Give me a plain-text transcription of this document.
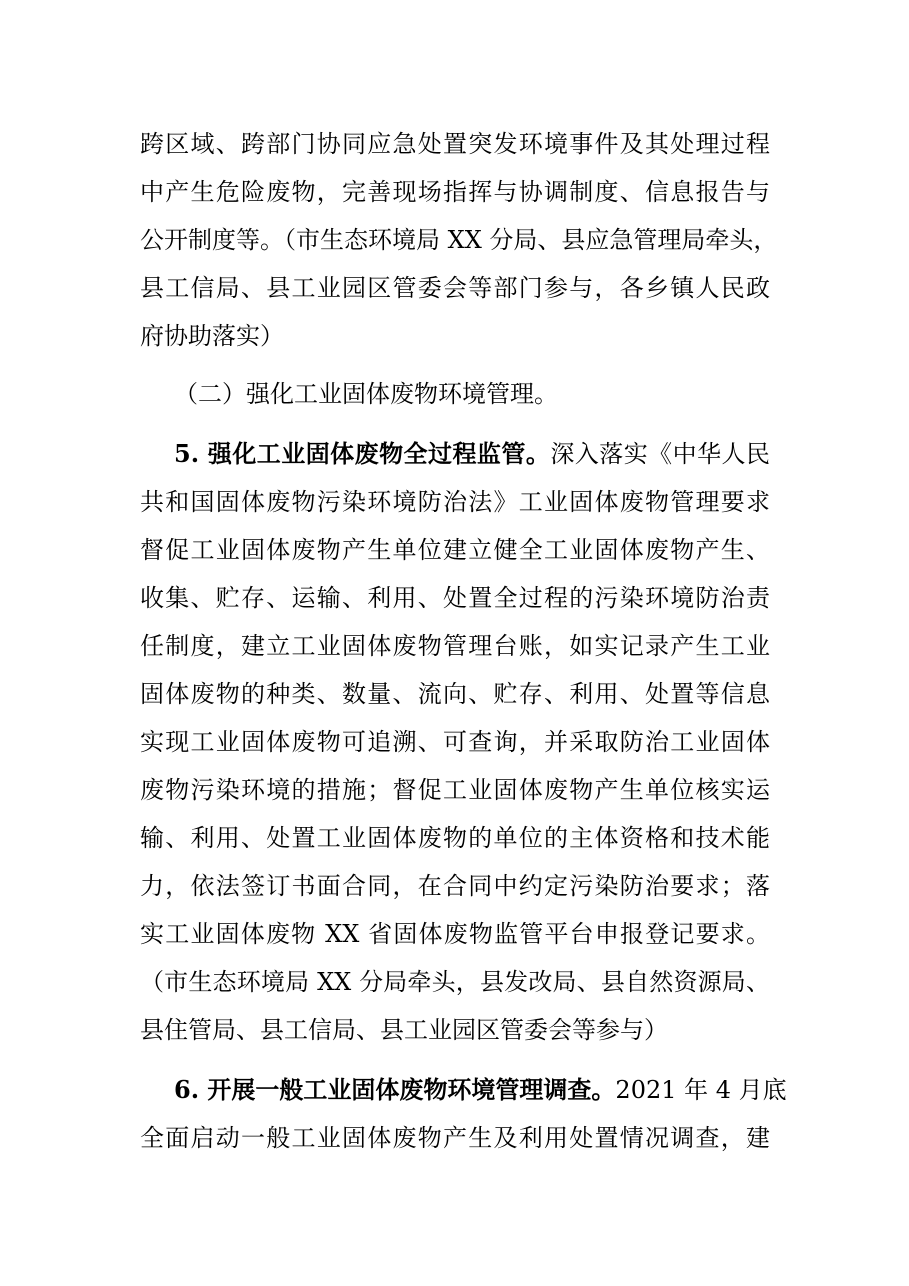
跨区域、跨部门协同应急处置突发环境事件及其处理过程
中产生危险废物，完善现场指挥与协调制度、信息报告与
公开制度等。（市生态环境局 XX 分局、县应急管理局牵头，
县工信局、县工业园区管委会等部门参与，各乡镇人民政
府协助落实）
（二）强化工业固体废物环境管理。
5. 强化工业固体废物全过程监管。深入落实《中华人民
共和国固体废物污染环境防治法》工业固体废物管理要求
督促工业固体废物产生单位建立健全工业固体废物产生、
收集、贮存、运输、利用、处置全过程的污染环境防治责
任制度，建立工业固体废物管理台账，如实记录产生工业
固体废物的种类、数量、流向、贮存、利用、处置等信息
实现工业固体废物可追溯、可查询，并采取防治工业固体
废物污染环境的措施；督促工业固体废物产生单位核实运
输、利用、处置工业固体废物的单位的主体资格和技术能
力，依法签订书面合同，在合同中约定污染防治要求；落
实工业固体废物 XX 省固体废物监管平台申报登记要求。
（市生态环境局 XX 分局牵头，县发改局、县自然资源局、
县住管局、县工信局、县工业园区管委会等参与）
6. 开展一般工业固体废物环境管理调查。2021 年 4 月底
全面启动一般工业固体废物产生及利用处置情况调查，建
